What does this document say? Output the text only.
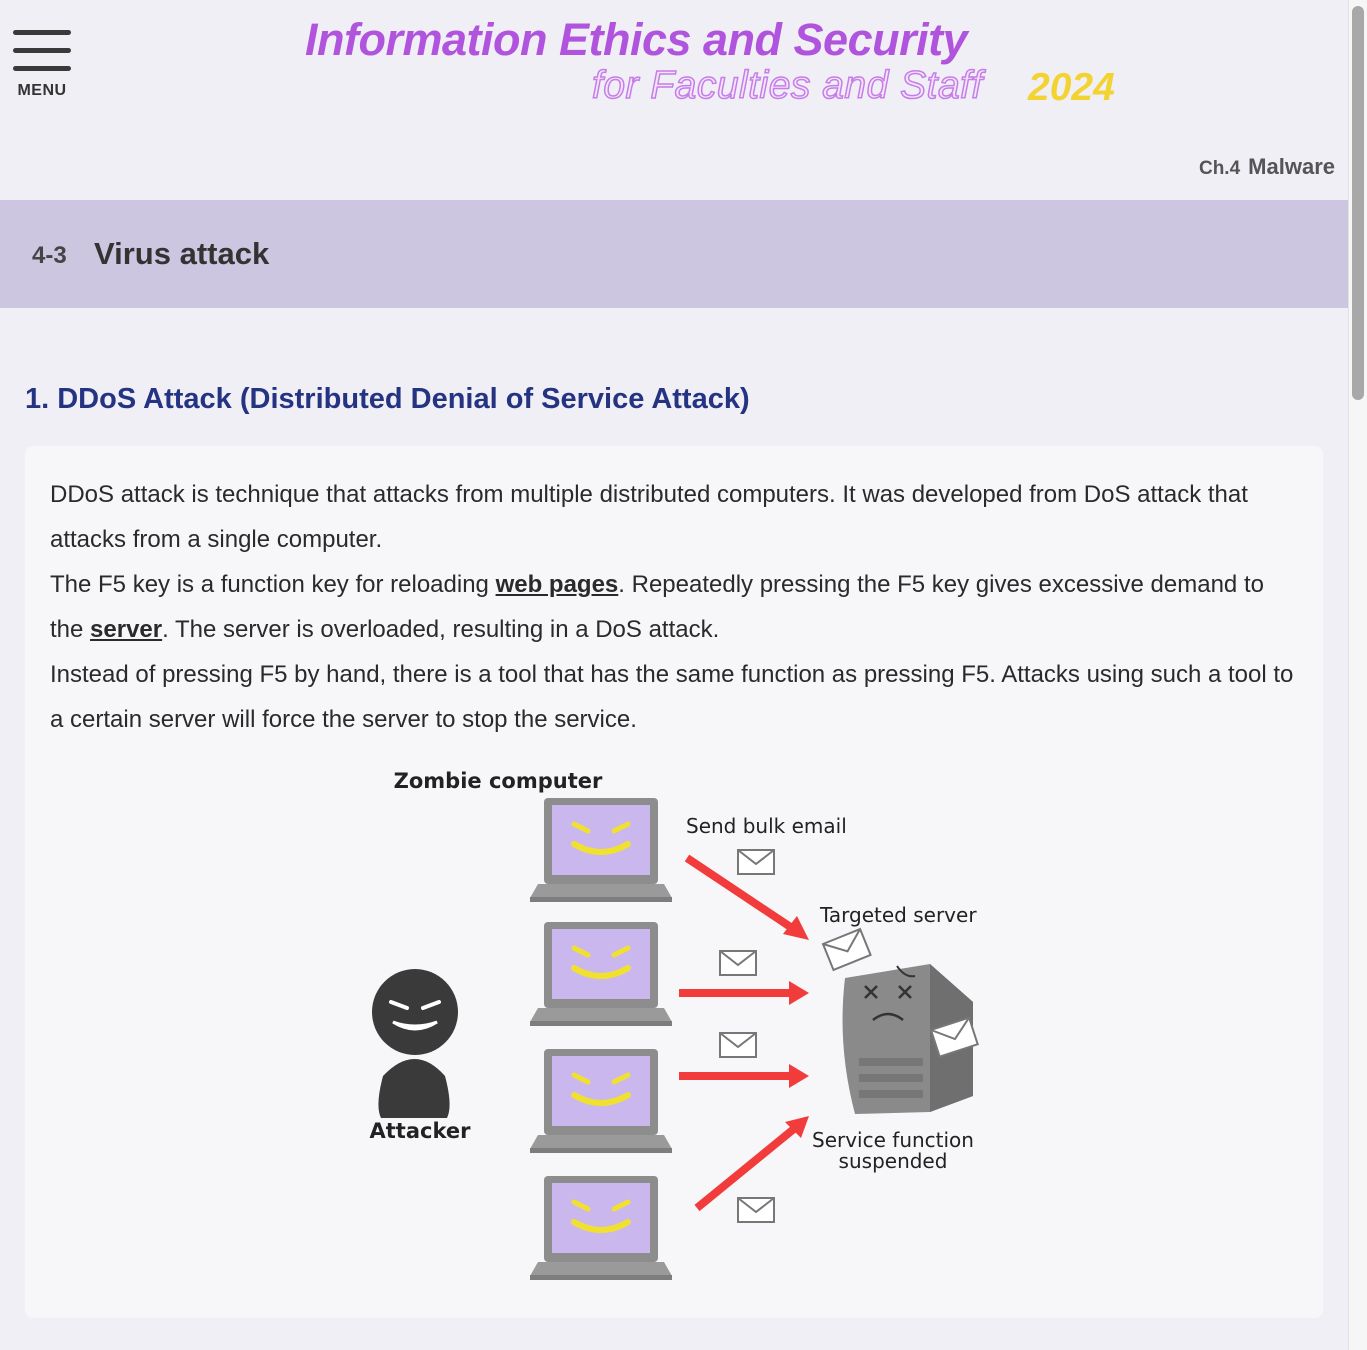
MENU
Information Ethics and Security
for Faculties and Staff 2024
Ch.4 Malware
4-3 Virus attack
1. DDoS Attack (Distributed Denial of Service Attack)

DDoS attack is technique that attacks from multiple distributed computers. It was developed from DoS attack that attacks from a single computer.

The F5 key is a function key for reloading web pages. Repeatedly pressing the F5 key gives excessive demand to the server. The server is overloaded, resulting in a DoS attack.

Instead of pressing F5 by hand, there is a tool that has the same function as pressing F5. Attacks using such a tool to a certain server will force the server to stop the service.

Zombie computer
Send bulk email
Targeted server
Attacker	Service function
suspended
